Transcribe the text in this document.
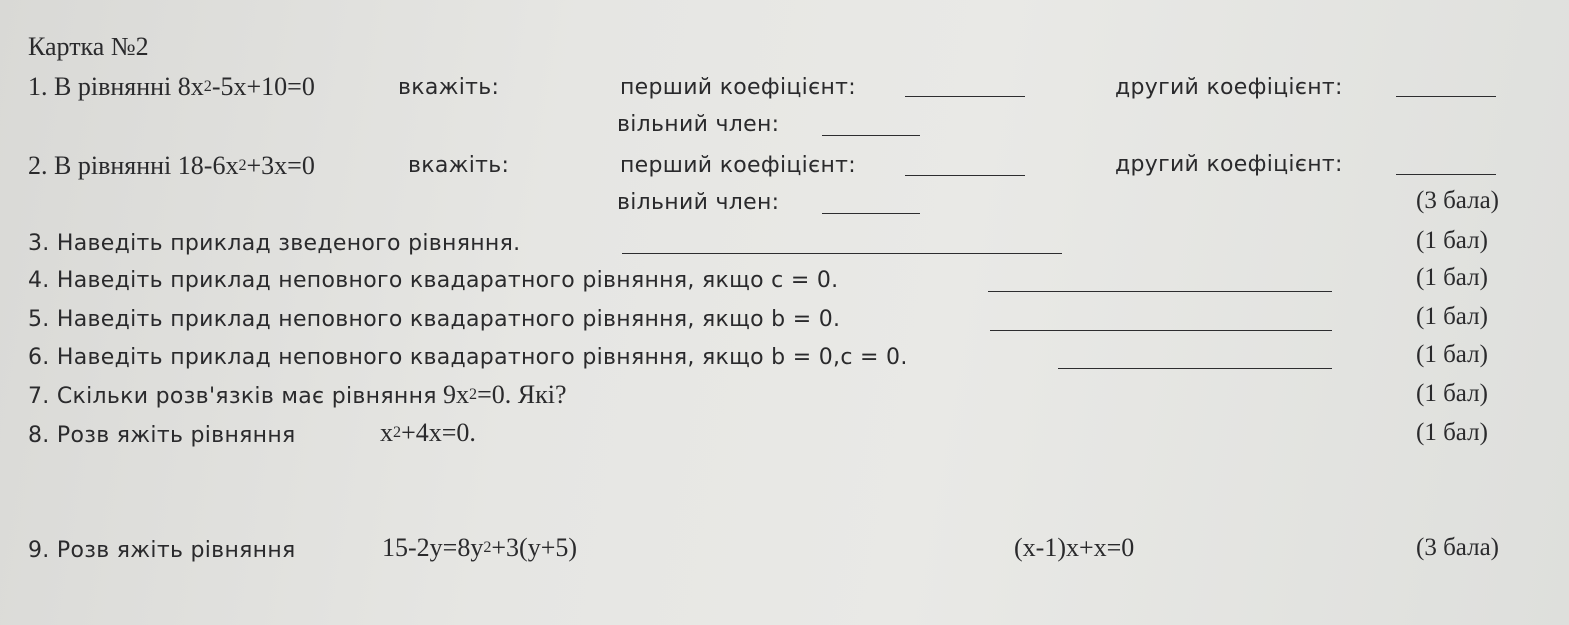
Картка №2
1. В рівнянні $8x^2-5x+10=0$	вкажіть:	перший коефіцієнт:	другий коефіцієнт:
вільний член:
2. В рівнянні $18-6x^2+3x=0$	вкажіть:	перший коефіцієнт:	другий коефіцієнт:
вільний член:	(3 бала)
3. Наведіть приклад зведеного рівняння.	(1 бал)
4. Наведіть приклад неповного квадаратного рівняння, якщо c = 0.	(1 бал)
5. Наведіть приклад неповного квадаратного рівняння, якщо b = 0.	(1 бал)
6. Наведіть приклад неповного квадаратного рівняння, якщо b = 0,c = 0.	(1 бал)
7. Скільки розв'язків має рівняння $9x^2=0$. Які?	(1 бал)
8. Розв яжіть рівняння	$x^2+4x=0$.	(1 бал)
9. Розв яжіть рівняння	$15-2y=8y^2+3(y+5)$	(x-1)x+x=0	(3 бала)
